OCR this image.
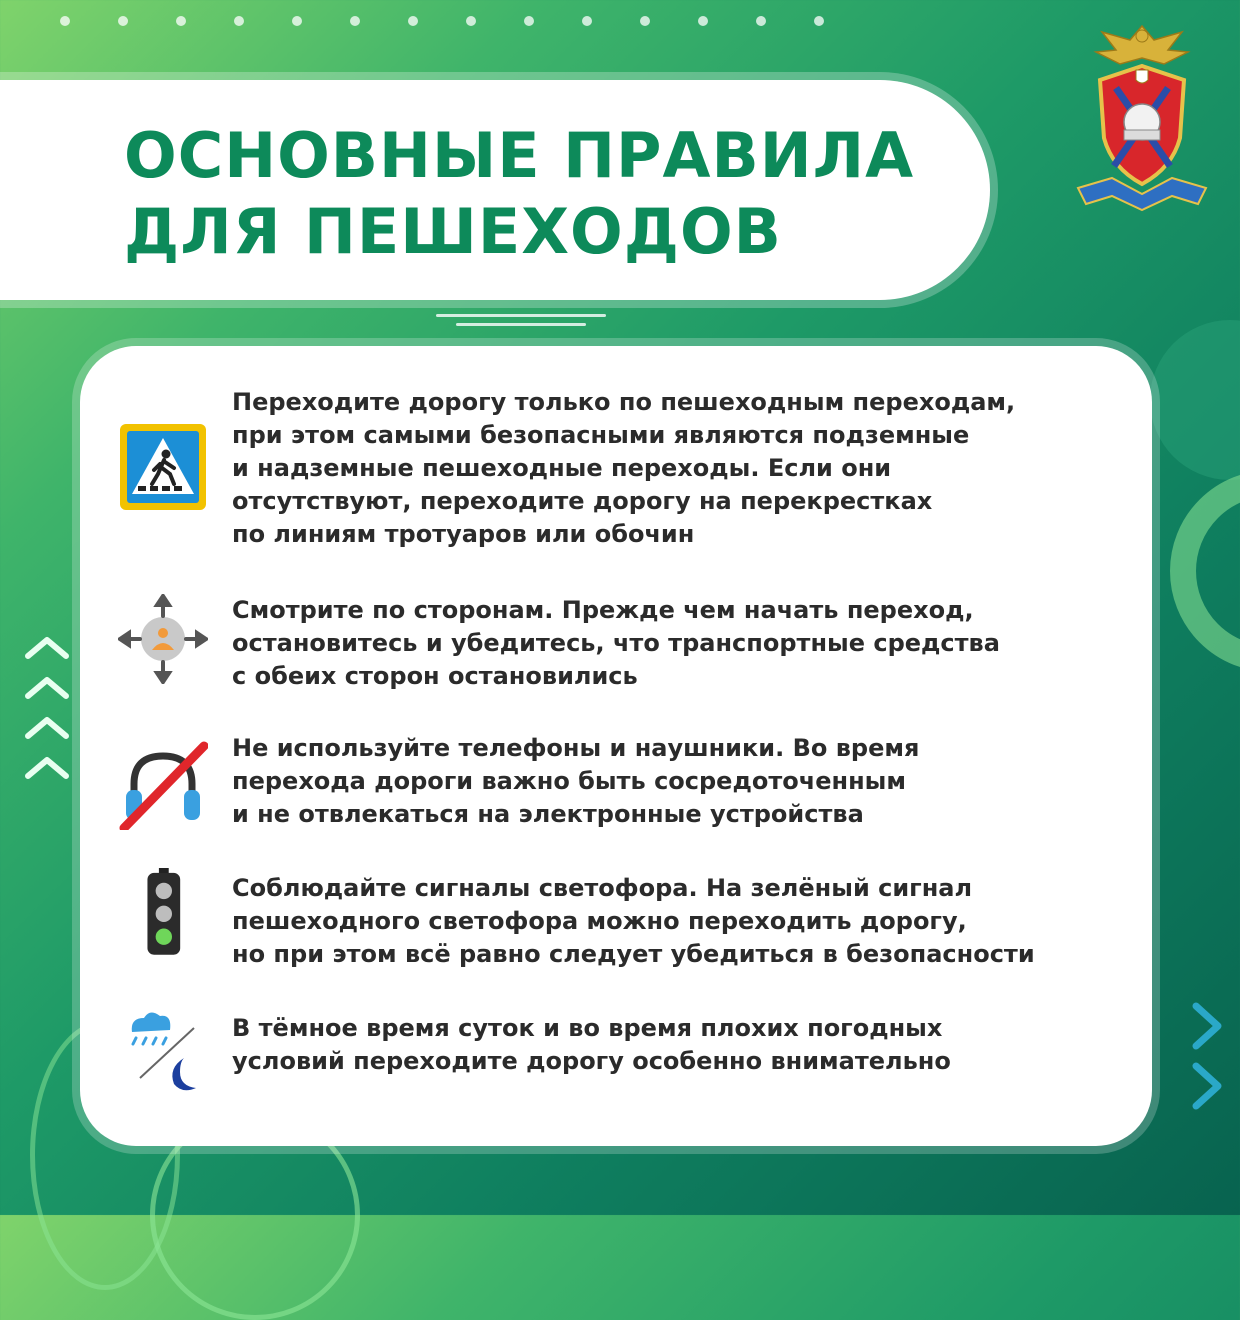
ОСНОВНЫЕ ПРАВИЛА
ДЛЯ ПЕШЕХОДОВ

Переходите дорогу только по пешеходным переходам,
при этом самыми безопасными являются подземные
и надземные пешеходные переходы. Если они
отсутствуют, переходите дорогу на перекрестках
по линиям тротуаров или обочин

Смотрите по сторонам. Прежде чем начать переход,
остановитесь и убедитесь, что транспортные средства
с обеих сторон остановились

Не используйте телефоны и наушники. Во время
перехода дороги важно быть сосредоточенным
и не отвлекаться на электронные устройства

Соблюдайте сигналы светофора. На зелёный сигнал
пешеходного светофора можно переходить дорогу,
но при этом всё равно следует убедиться в безопасности

В тёмное время суток и во время плохих погодных
условий переходите дорогу особенно внимательно
